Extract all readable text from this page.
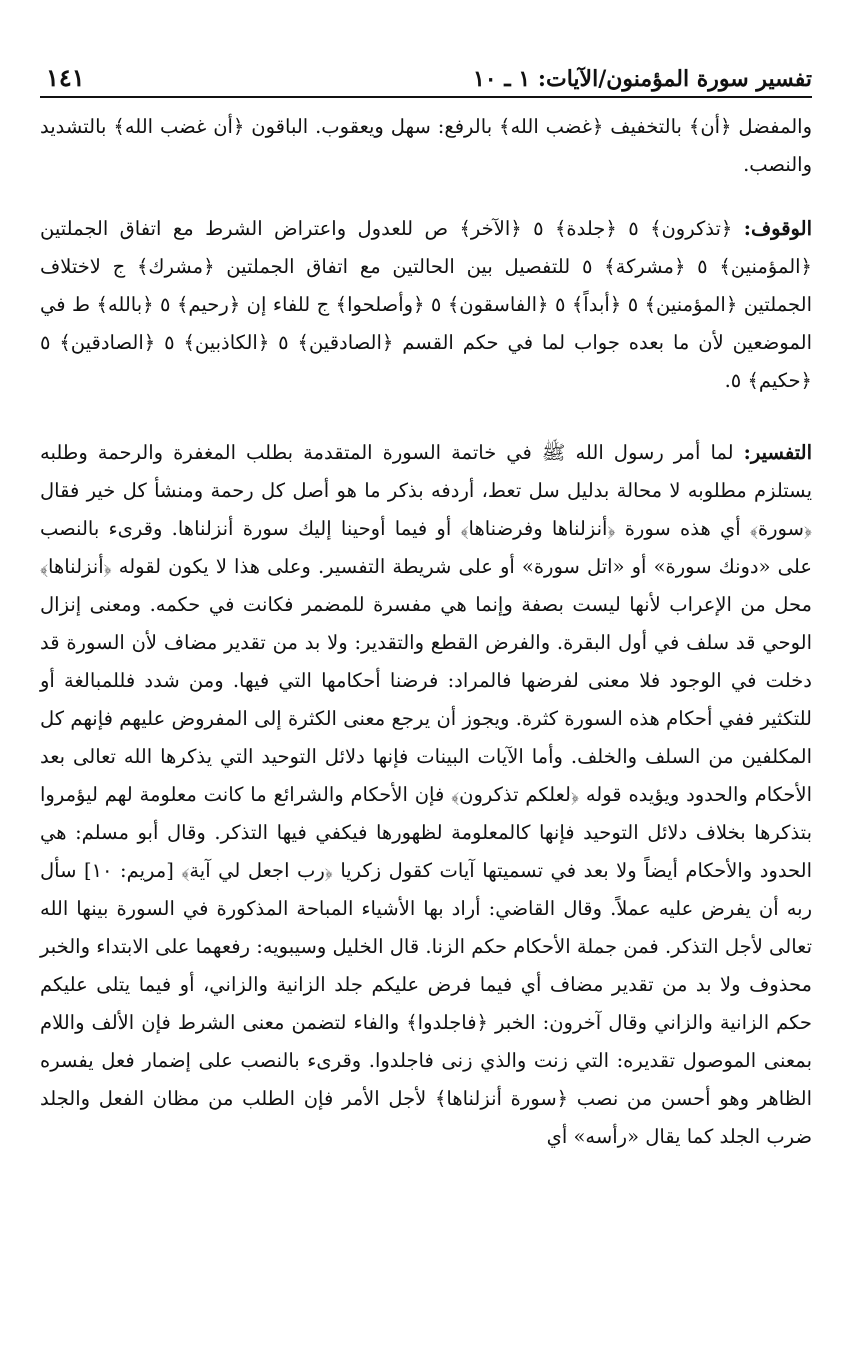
تفسير سورة المؤمنون/الآيات: ١ ـ ١٠
١٤١

والمفضل ﴿أن﴾ بالتخفيف ﴿غضب الله﴾ بالرفع: سهل ويعقوب. الباقون ﴿أن غضب الله﴾ بالتشديد والنصب.

الوقوف: ﴿تذكرون﴾ ٥ ﴿جلدة﴾ ٥ ﴿الآخر﴾ ص للعدول واعتراض الشرط مع اتفاق الجملتين ﴿المؤمنين﴾ ٥ ﴿مشركة﴾ ٥ للتفصيل بين الحالتين مع اتفاق الجملتين ﴿مشرك﴾ ج لاختلاف الجملتين ﴿المؤمنين﴾ ٥ ﴿أبداً﴾ ٥ ﴿الفاسقون﴾ ٥ ﴿وأصلحوا﴾ ج للفاء إن ﴿رحيم﴾ ٥ ﴿بالله﴾ ط في الموضعين لأن ما بعده جواب لما في حكم القسم ﴿الصادقين﴾ ٥ ﴿الكاذبين﴾ ٥ ﴿الصادقين﴾ ٥ ﴿حكيم﴾ ٥.

التفسير: لما أمر رسول الله ﷺ في خاتمة السورة المتقدمة بطلب المغفرة والرحمة وطلبه يستلزم مطلوبه لا محالة بدليل سل تعط، أردفه بذكر ما هو أصل كل رحمة ومنشأ كل خير فقال ﴿سورة﴾ أي هذه سورة ﴿أنزلناها وفرضناها﴾ أو فيما أوحينا إليك سورة أنزلناها. وقرىء بالنصب على «دونك سورة» أو «اتل سورة» أو على شريطة التفسير. وعلى هذا لا يكون لقوله ﴿أنزلناها﴾ محل من الإعراب لأنها ليست بصفة وإنما هي مفسرة للمضمر فكانت في حكمه. ومعنى إنزال الوحي قد سلف في أول البقرة. والفرض القطع والتقدير: ولا بد من تقدير مضاف لأن السورة قد دخلت في الوجود فلا معنى لفرضها فالمراد: فرضنا أحكامها التي فيها. ومن شدد فللمبالغة أو للتكثير ففي أحكام هذه السورة كثرة. ويجوز أن يرجع معنى الكثرة إلى المفروض عليهم فإنهم كل المكلفين من السلف والخلف. وأما الآيات البينات فإنها دلائل التوحيد التي يذكرها الله تعالى بعد الأحكام والحدود ويؤيده قوله ﴿لعلكم تذكرون﴾ فإن الأحكام والشرائع ما كانت معلومة لهم ليؤمروا بتذكرها بخلاف دلائل التوحيد فإنها كالمعلومة لظهورها فيكفي فيها التذكر. وقال أبو مسلم: هي الحدود والأحكام أيضاً ولا بعد في تسميتها آيات كقول زكريا ﴿رب اجعل لي آية﴾ [مريم: ١٠] سأل ربه أن يفرض عليه عملاً. وقال القاضي: أراد بها الأشياء المباحة المذكورة في السورة بينها الله تعالى لأجل التذكر. فمن جملة الأحكام حكم الزنا. قال الخليل وسيبويه: رفعهما على الابتداء والخبر محذوف ولا بد من تقدير مضاف أي فيما فرض عليكم جلد الزانية والزاني، أو فيما يتلى عليكم حكم الزانية والزاني وقال آخرون: الخبر ﴿فاجلدوا﴾ والفاء لتضمن معنى الشرط فإن الألف واللام بمعنى الموصول تقديره: التي زنت والذي زنى فاجلدوا. وقرىء بالنصب على إضمار فعل يفسره الظاهر وهو أحسن من نصب ﴿سورة أنزلناها﴾ لأجل الأمر فإن الطلب من مظان الفعل والجلد ضرب الجلد كما يقال «رأسه» أي
